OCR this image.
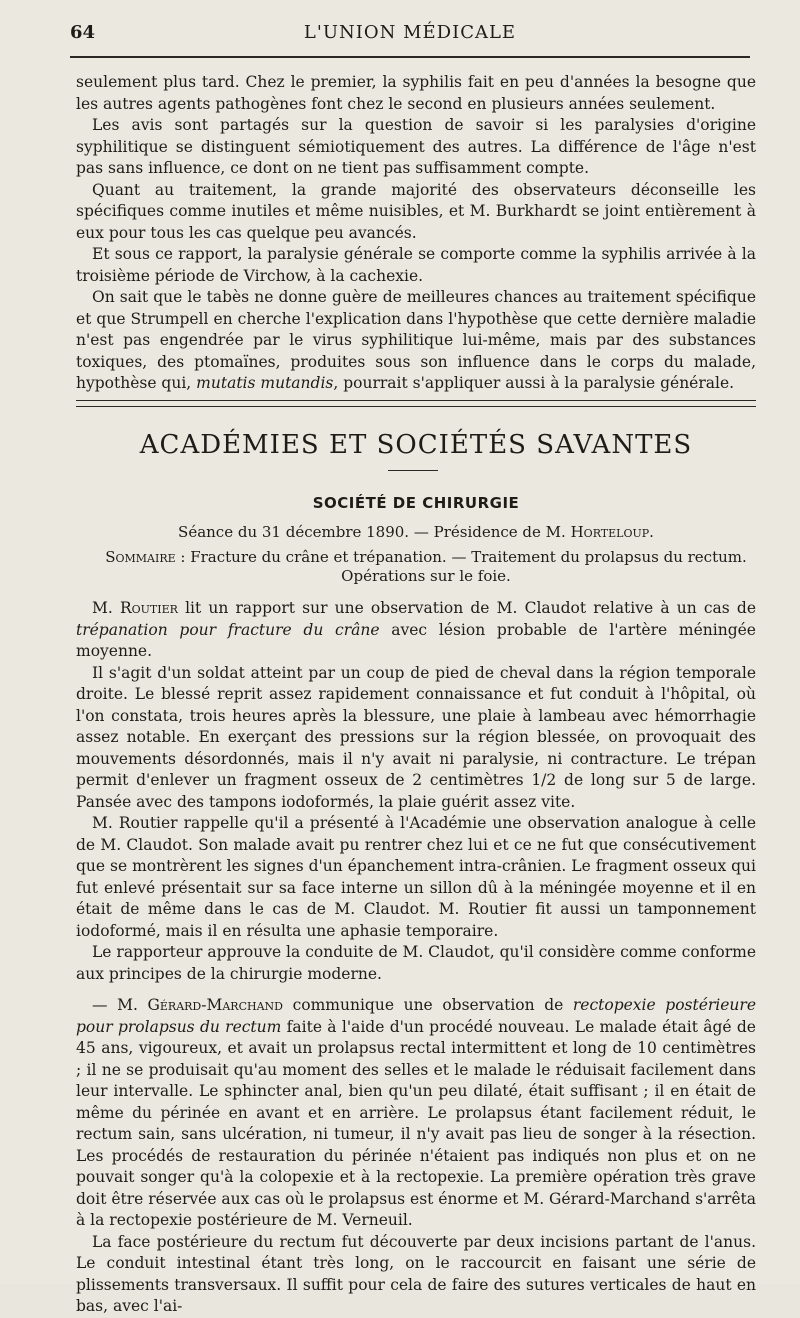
64	L'UNION MÉDICALE

seulement plus tard. Chez le premier, la syphilis fait en peu d'années la besogne que les autres agents pathogènes font chez le second en plusieurs années seulement.

Les avis sont partagés sur la question de savoir si les paralysies d'origine syphilitique se distinguent sémiotiquement des autres. La différence de l'âge n'est pas sans influence, ce dont on ne tient pas suffisamment compte.

Quant au traitement, la grande majorité des observateurs déconseille les spécifiques comme inutiles et même nuisibles, et M. Burkhardt se joint entièrement à eux pour tous les cas quelque peu avancés.

Et sous ce rapport, la paralysie générale se comporte comme la syphilis arrivée à la troisième période de Virchow, à la cachexie.

On sait que le tabès ne donne guère de meilleures chances au traitement spécifique et que Strumpell en cherche l'explication dans l'hypothèse que cette dernière maladie n'est pas engendrée par le virus syphilitique lui-même, mais par des substances toxiques, des ptomaïnes, produites sous son influence dans le corps du malade, hypothèse qui, mutatis mutandis, pourrait s'appliquer aussi à la paralysie générale.

ACADÉMIES ET SOCIÉTÉS SAVANTES
SOCIÉTÉ DE CHIRURGIE
Séance du 31 décembre 1890. — Présidence de M. Horteloup.
Sommaire : Fracture du crâne et trépanation. — Traitement du prolapsus du rectum. Opérations sur le foie.

M. Routier lit un rapport sur une observation de M. Claudot relative à un cas de trépanation pour fracture du crâne avec lésion probable de l'artère méningée moyenne.

Il s'agit d'un soldat atteint par un coup de pied de cheval dans la région temporale droite. Le blessé reprit assez rapidement connaissance et fut conduit à l'hôpital, où l'on constata, trois heures après la blessure, une plaie à lambeau avec hémorrhagie assez notable. En exerçant des pressions sur la région blessée, on provoquait des mouvements désordonnés, mais il n'y avait ni paralysie, ni contracture. Le trépan permit d'enlever un fragment osseux de 2 centimètres 1/2 de long sur 5 de large. Pansée avec des tampons iodoformés, la plaie guérit assez vite.

M. Routier rappelle qu'il a présenté à l'Académie une observation analogue à celle de M. Claudot. Son malade avait pu rentrer chez lui et ce ne fut que consécutivement que se montrèrent les signes d'un épanchement intra-crânien. Le fragment osseux qui fut enlevé présentait sur sa face interne un sillon dû à la méningée moyenne et il en était de même dans le cas de M. Claudot. M. Routier fit aussi un tamponnement iodoformé, mais il en résulta une aphasie temporaire.

Le rapporteur approuve la conduite de M. Claudot, qu'il considère comme conforme aux principes de la chirurgie moderne.

— M. Gérard-Marchand communique une observation de rectopexie postérieure pour prolapsus du rectum faite à l'aide d'un procédé nouveau. Le malade était âgé de 45 ans, vigoureux, et avait un prolapsus rectal intermittent et long de 10 centimètres ; il ne se produisait qu'au moment des selles et le malade le réduisait facilement dans leur intervalle. Le sphincter anal, bien qu'un peu dilaté, était suffisant ; il en était de même du périnée en avant et en arrière. Le prolapsus étant facilement réduit, le rectum sain, sans ulcération, ni tumeur, il n'y avait pas lieu de songer à la résection. Les procédés de restauration du périnée n'étaient pas indiqués non plus et on ne pouvait songer qu'à la colopexie et à la rectopexie. La première opération très grave doit être réservée aux cas où le prolapsus est énorme et M. Gérard-Marchand s'arrêta à la rectopexie postérieure de M. Verneuil.

La face postérieure du rectum fut découverte par deux incisions partant de l'anus. Le conduit intestinal étant très long, on le raccourcit en faisant une série de plissements transversaux. Il suffit pour cela de faire des sutures verticales de haut en bas, avec l'ai-
